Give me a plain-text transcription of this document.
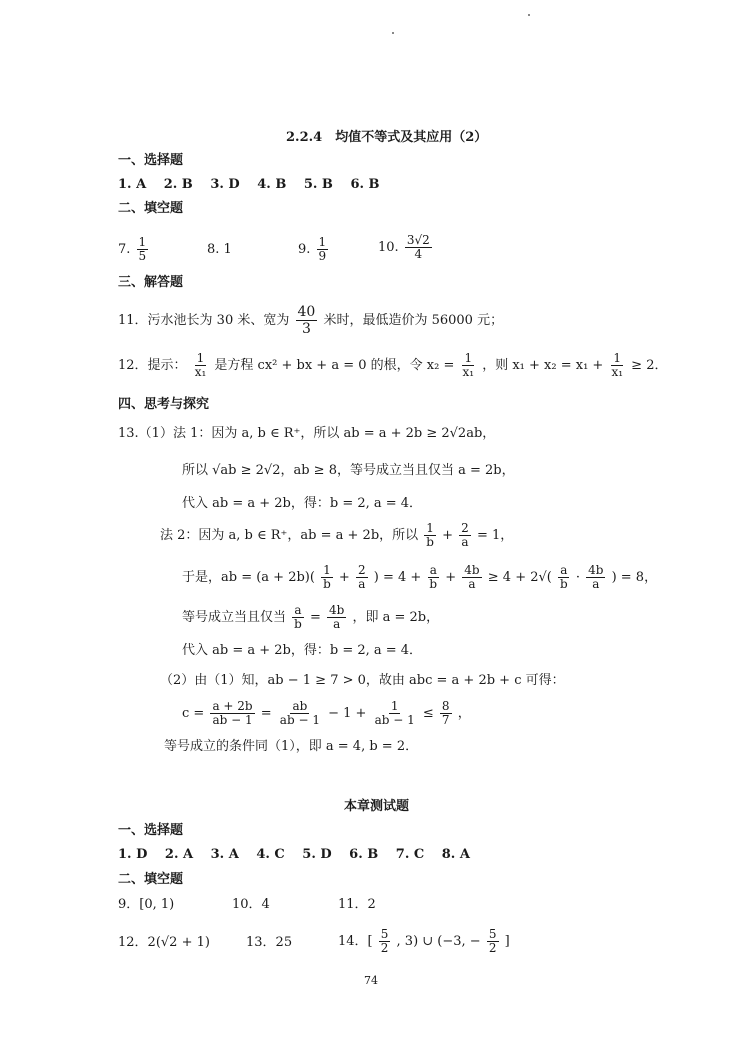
2.2.4　均值不等式及其应用（2）
一、选择题
1. A　 2. B　 3. D　 4. B　 5. B　 6. B
二、填空题
7. $\frac{1}{5}$	8. 1	9. $\frac{1}{9}$	10. $\frac{3√2}{4}$
三、解答题
11．污水池长为 30 米、宽为 $\frac{40}{3}$ 米时，最低造价为 56000 元；
12．提示： $\frac{1}{\text{x₁}}$ 是方程 cx² + bx + a = 0 的根，令 $x_2 = \frac{1}{\text{x₁}}$ ，则 $x_1 + x_2 = x_1 + \frac{1}{\text{x₁}} \ge 2$．
四、思考与探究
13.（1）法 1：因为 a, b ∈ R⁺，所以 ab = a + 2b ≥ 2√2ab，
所以 √ab ≥ 2√2，ab ≥ 8，等号成立当且仅当 a = 2b，
代入 ab = a + 2b，得：b = 2, a = 4．
法 2：因为 a, b ∈ R⁺，ab = a + 2b，所以 $\frac{1}{b} + \frac{2}{a} = 1$，
于是，ab = $(a + 2b)( \frac{1}{b} + \frac{2}{a}$ ) = $4 + \frac{a}{b} + \frac{4b}{a} \ge 4 + 2√( \frac{a}{b} \cdot \frac{4b}{a}$ ) = 8，
等号成立当且仅当 $\frac{a}{b} = \frac{4b}{a}$ ，即 a = 2b，
代入 ab = a + 2b，得：b = 2, a = 4．
（2）由（1）知，ab − 1 ≥ 7 > 0，故由 abc = a + 2b + c 可得：
$c = \frac{a + 2b}{ab - 1} = \frac{ab}{ab - 1} - 1 + \frac{1}{ab - 1} \le \frac{8}{7}$ ，
等号成立的条件同（1），即 a = 4, b = 2．
本章测试题
一、选择题
1. D　 2. A　 3. A　 4. C　 5. D　 6. B　 7. C　 8. A
二、填空题
9．[0, 1)	10．4	11．2
12．2(√2 + 1)	13．25	14．[ $\frac{5}{2}$ , 3) ∪ (−3, − $\frac{5}{2}$ ]
74
